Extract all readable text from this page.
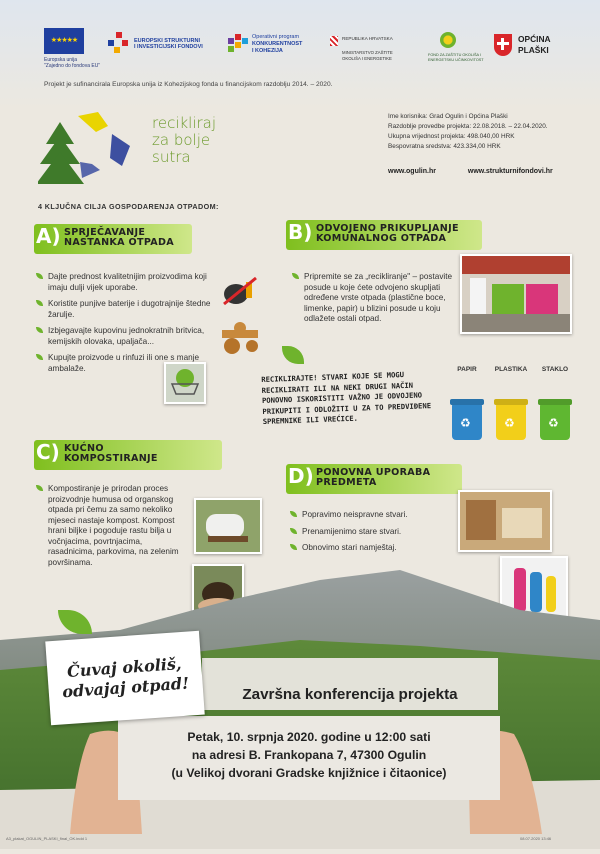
★★★★★
Europska unija
"Zajedno do fondova EU"
EUROPSKI STRUKTURNI
I INVESTICIJSKI FONDOVI
Operativni program
KONKURENTNOST
I KOHEZIJA
REPUBLIKA HRVATSKA
MINISTARSTVO ZAŠTITE
OKOLIŠA I ENERGETIKE
FOND ZA ZAŠTITU OKOLIŠA I
ENERGETSKU UČINKOVITOST
OPĆINA
PLAŠKI
Projekt je sufinancirala Europska unija iz Kohezijskog fonda u financijskom razdoblju 2014. – 2020.
recikliraj
za bolje
sutra
Ime korisnika: Grad Ogulin i Općina Plaški
Razdoblje provedbe projekta: 22.08.2018. – 22.04.2020.
Ukupna vrijednost projekta: 498.040,00 HRK
Bespovratna sredstva: 423.334,00 HRK
www.ogulin.hr	www.strukturnifondovi.hr
4 KLJUČNA CILJA GOSPODARENJA OTPADOM:
A) SPRJEČAVANJE
NASTANKA OTPADA
Dajte prednost kvalitetnijim proizvodima koji imaju dulji vijek uporabe.
Koristite punjive baterije i dugotrajnije štedne žarulje.
Izbjegavajte kupovinu jednokratnih britvica, kemijskih olovaka, upaljača...
Kupujte proizvode u rinfuzi ili one s manje ambalaže.
B) ODVOJENO PRIKUPLJANJE
KOMUNALNOG OTPADA
Pripremite se za „recikliranje" – postavite posude u koje ćete odvojeno skupljati određene vrste otpada (plastične boce, limenke, papir) u blizini posude u koju odlažete ostali otpad.
RECIKLIRAJTE! STVARI KOJE SE MOGU RECIKLIRATI ILI NA NEKI DRUGI NAČIN PONOVNO ISKORISTITI VAŽNO JE ODVOJENO PRIKUPITI I ODLOŽITI U ZA TO PREDVIĐENE SPREMNIKE ILI VREĆICE.
PAPIR
♻
PLASTIKA
♻
STAKLO
♻
C) KUĆNO
KOMPOSTIRANJE
Kompostiranje je prirodan proces proizvodnje humusa od organskog otpada pri čemu za samo nekoliko mjeseci nastaje kompost. Kompost hrani biljke i pogoduje rastu bilja u vočnjacima, povrtnjacima, rasadnicima, parkovima, na zelenim površinama.
D) PONOVNA UPORABA
PREDMETA
Popravimo neispravne stvari.
Prenamijenimo stare stvari.
Obnovimo stari namještaj.
Završna konferencija projekta
Petak, 10. srpnja 2020. godine u 12:00 sati
na adresi B. Frankopana 7, 47300 Ogulin
(u Velikoj dvorani Gradske knjižnice i čitaonice)
Čuvaj okoliš,
odvajaj otpad!
A3_plakat_OGULIN_PLASKI_final_OK.indd 1	08.07.2020 13:46
